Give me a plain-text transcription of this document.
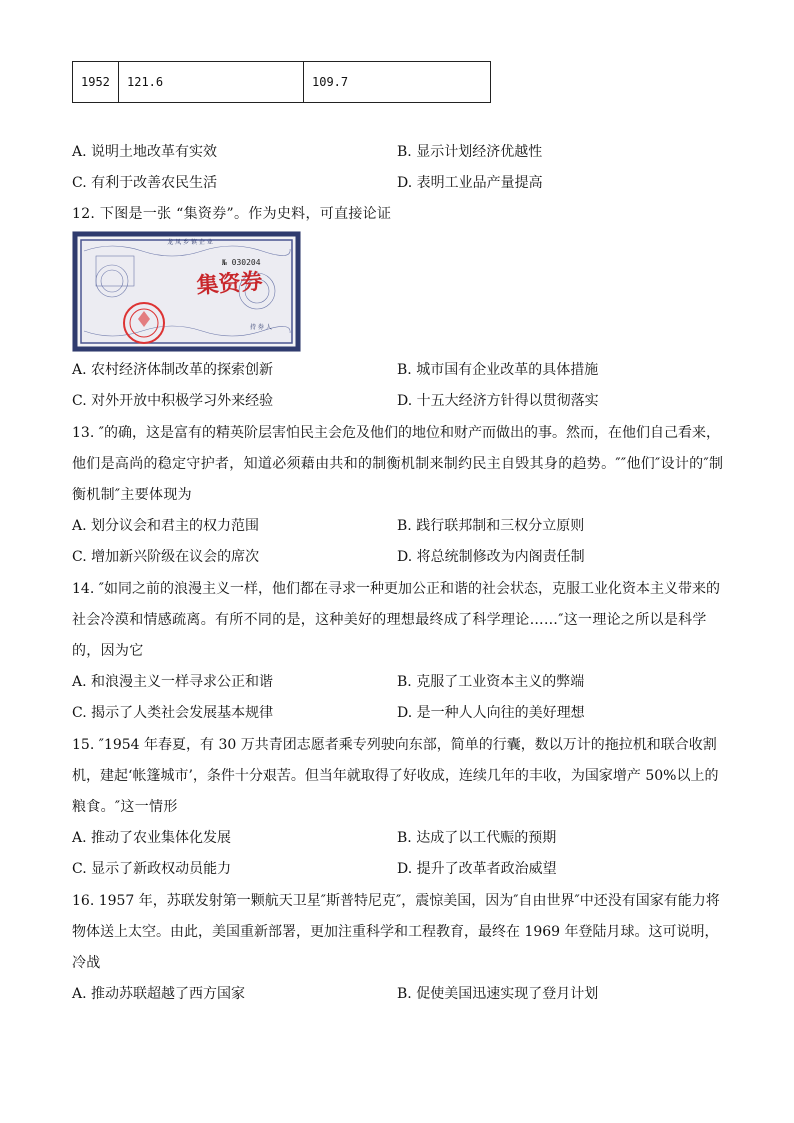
1952	121.6	109.7
A. 说明土地改革有实效	B. 显示计划经济优越性
C. 有利于改善农民生活	D. 表明工业品产量提高
12. 下图是一张 “集资券”。作为史料，可直接论证
龙 凤 乡 镇 企 业
集资券
№ 030204
持 券 人
A. 农村经济体制改革的探索创新	B. 城市国有企业改革的具体措施
C. 对外开放中积极学习外来经验	D. 十五大经济方针得以贯彻落实
13. ″的确，这是富有的精英阶层害怕民主会危及他们的地位和财产而做出的事。然而，在他们自己看来，
他们是高尚的稳定守护者，知道必须藉由共和的制衡机制来制约民主自毁其身的趋势。″″他们″设计的″制
衡机制″主要体现为
A. 划分议会和君主的权力范围	B. 践行联邦制和三权分立原则
C. 增加新兴阶级在议会的席次	D. 将总统制修改为内阁责任制
14. ″如同之前的浪漫主义一样，他们都在寻求一种更加公正和谐的社会状态，克服工业化资本主义带来的
社会冷漠和情感疏离。有所不同的是，这种美好的理想最终成了科学理论……″这一理论之所以是科学
的，因为它
A. 和浪漫主义一样寻求公正和谐	B. 克服了工业资本主义的弊端
C. 揭示了人类社会发展基本规律	D. 是一种人人向往的美好理想
15. ″1954 年春夏，有 30 万共青团志愿者乘专列驶向东部，简单的行囊，数以万计的拖拉机和联合收割
机，建起‘帐篷城市’，条件十分艰苦。但当年就取得了好收成，连续几年的丰收，为国家增产 50%以上的
粮食。″这一情形
A. 推动了农业集体化发展	B. 达成了以工代赈的预期
C. 显示了新政权动员能力	D. 提升了改革者政治威望
16. 1957 年，苏联发射第一颗航天卫星″斯普特尼克″，震惊美国，因为″自由世界″中还没有国家有能力将
物体送上太空。由此，美国重新部署，更加注重科学和工程教育，最终在 1969 年登陆月球。这可说明，
冷战
A. 推动苏联超越了西方国家	B. 促使美国迅速实现了登月计划
